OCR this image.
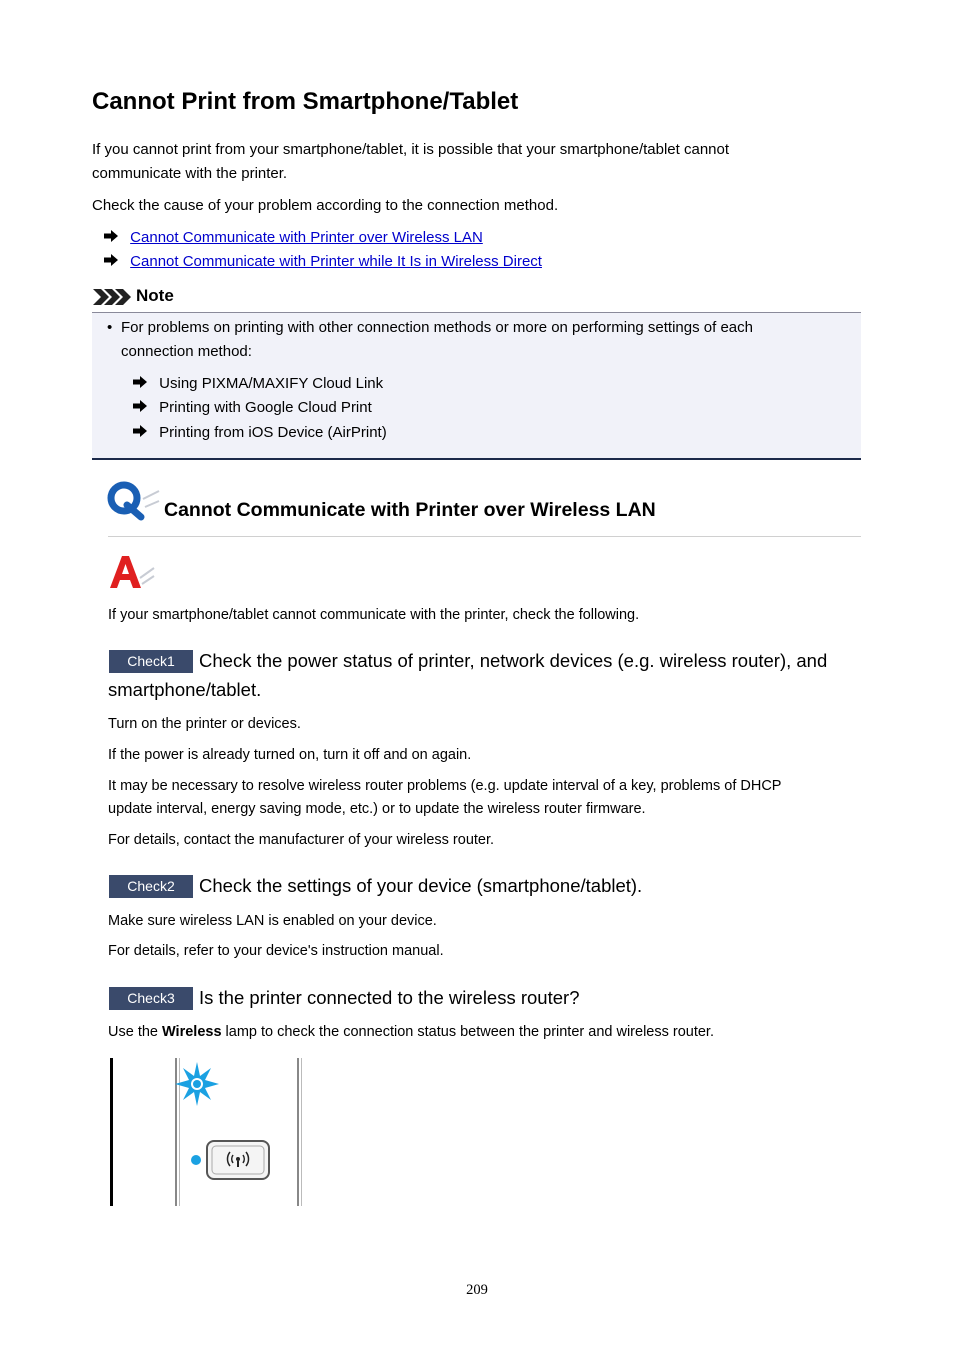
Cannot Print from Smartphone/Tablet
If you cannot print from your smartphone/tablet, it is possible that your smartphone/tablet cannot
communicate with the printer.
Check the cause of your problem according to the connection method.
Cannot Communicate with Printer over Wireless LAN
Cannot Communicate with Printer while It Is in Wireless Direct
Note
• For problems on printing with other connection methods or more on performing settings of each
connection method:
Using PIXMA/MAXIFY Cloud Link
Printing with Google Cloud Print
Printing from iOS Device (AirPrint)
Cannot Communicate with Printer over Wireless LAN
If your smartphone/tablet cannot communicate with the printer, check the following.
Check1	Check the power status of printer, network devices (e.g. wireless router), and
smartphone/tablet.
Turn on the printer or devices.
If the power is already turned on, turn it off and on again.
It may be necessary to resolve wireless router problems (e.g. update interval of a key, problems of DHCP
update interval, energy saving mode, etc.) or to update the wireless router firmware.
For details, contact the manufacturer of your wireless router.
Check2	Check the settings of your device (smartphone/tablet).
Make sure wireless LAN is enabled on your device.
For details, refer to your device's instruction manual.
Check3	Is the printer connected to the wireless router?
Use the Wireless lamp to check the connection status between the printer and wireless router.
209
